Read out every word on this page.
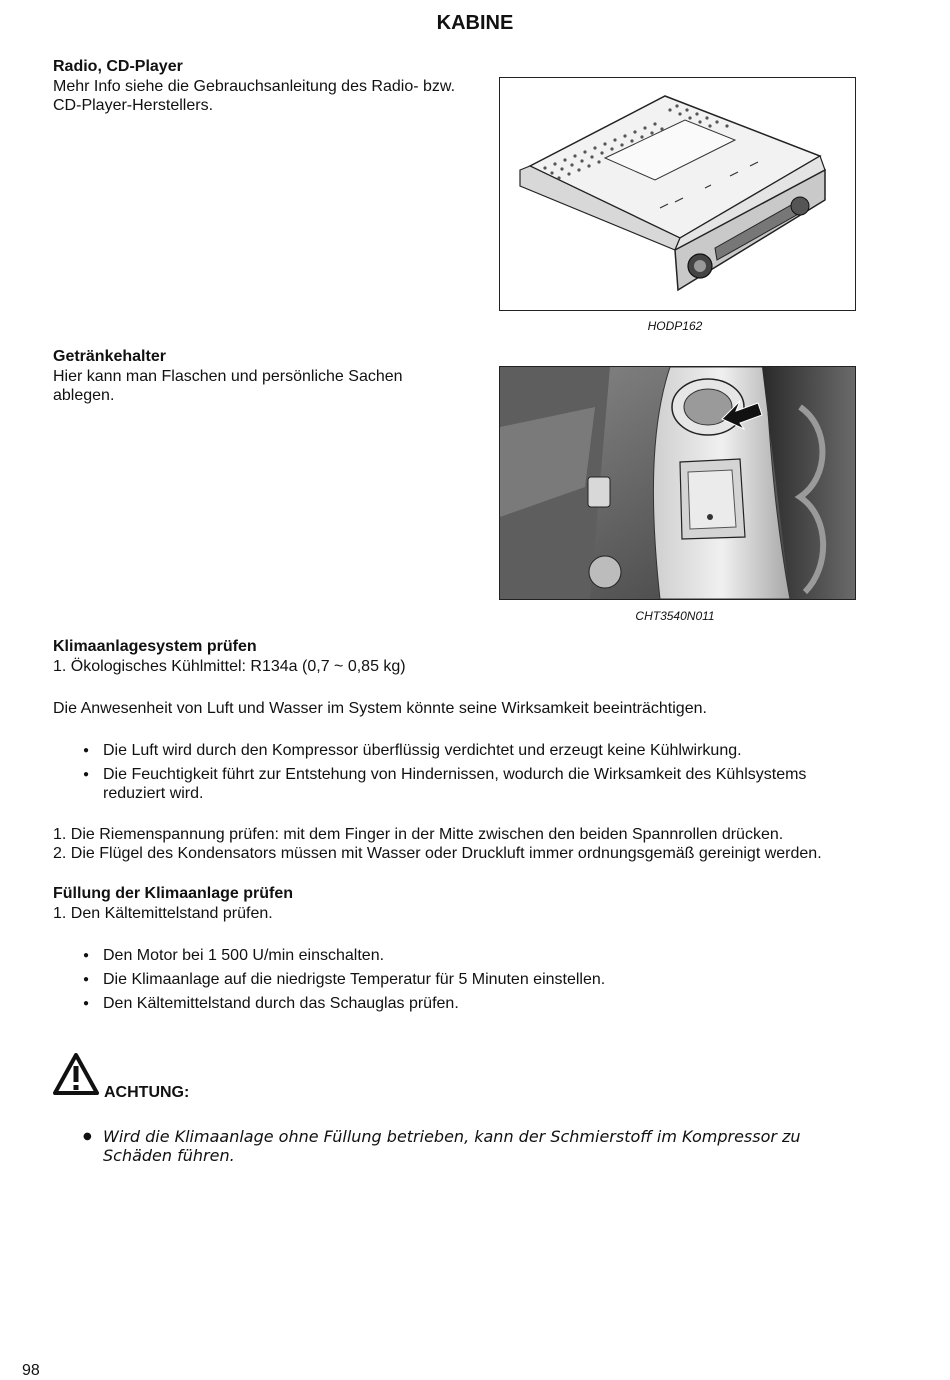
KABINE
Radio, CD-Player
Mehr Info siehe die Gebrauchsanleitung des Radio- bzw.
CD-Player-Herstellers.
HODP162
Getränkehalter
Hier kann man Flaschen und persönliche Sachen
ablegen.
CHT3540N011
Klimaanlagesystem prüfen
1. Ökologisches Kühlmittel: R134a (0,7 ~ 0,85 kg)
Die Anwesenheit von Luft und Wasser im System könnte seine Wirksamkeit beeinträchtigen.
● Die Luft wird durch den Kompressor überflüssig verdichtet und erzeugt keine Kühlwirkung.
● Die Feuchtigkeit führt zur Entstehung von Hindernissen, wodurch die Wirksamkeit des Kühlsystems reduziert wird.
1. Die Riemenspannung prüfen: mit dem Finger in der Mitte zwischen den beiden Spannrollen drücken.
2. Die Flügel des Kondensators müssen mit Wasser oder Druckluft immer ordnungsgemäß gereinigt werden.
Füllung der Klimaanlage prüfen
1. Den Kältemittelstand prüfen.
● Den Motor bei 1 500 U/min einschalten.
● Die Klimaanlage auf die niedrigste Temperatur für 5 Minuten einstellen.
● Den Kältemittelstand durch das Schauglas prüfen.
ACHTUNG:
● Wird die Klimaanlage ohne Füllung betrieben, kann der Schmierstoff im Kompressor zu Schäden führen.
98
